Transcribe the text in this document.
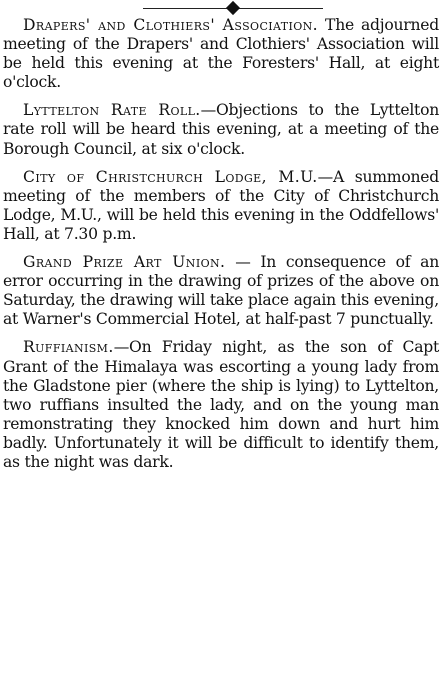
Drapers' and Clothiers' Association. The adjourned meeting of the Drapers' and Clothiers' Association will be held this evening at the Foresters' Hall, at eight o'clock.

Lyttelton Rate Roll.—Objections to the Lyttelton rate roll will be heard this evening, at a meeting of the Borough Council, at six o'clock.

City of Christchurch Lodge, M.U.—A summoned meeting of the members of the City of Christchurch Lodge, M.U., will be held this evening in the Oddfellows' Hall, at 7.30 p.m.

Grand Prize Art Union. — In consequence of an error occurring in the drawing of prizes of the above on Saturday, the drawing will take place again this evening, at Warner's Commercial Hotel, at half-past 7 punctually.

Ruffianism.—On Friday night, as the son of Capt Grant of the Himalaya was escorting a young lady from the Gladstone pier (where the ship is lying) to Lyttelton, two ruffians insulted the lady, and on the young man remonstrating they knocked him down and hurt him badly. Unfortunately it will be difficult to identify them, as the night was dark.
